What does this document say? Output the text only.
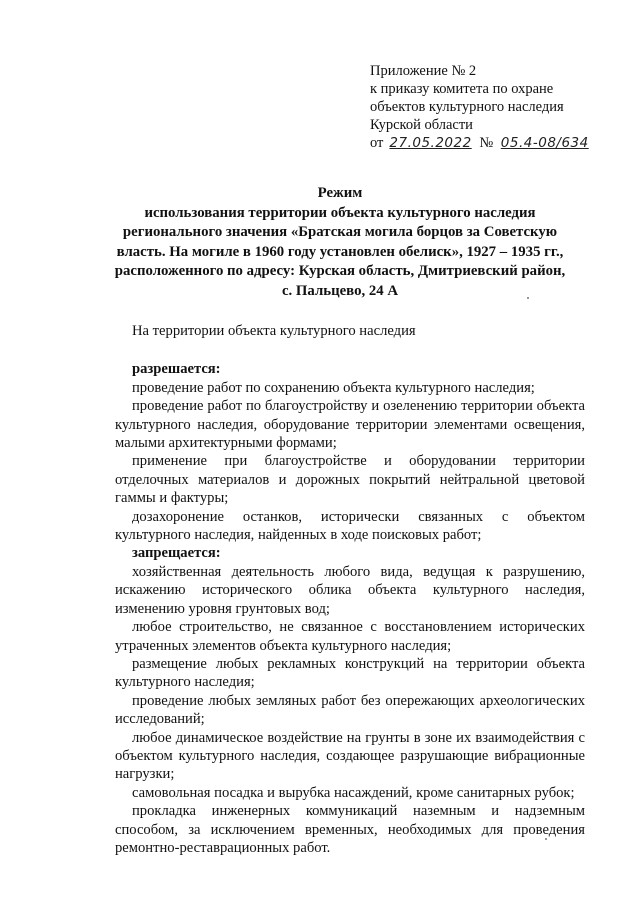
Приложение № 2
к приказу комитета по охране
объектов культурного наследия
Курской области
от 27.05.2022 № 05.4-08/634
Режим
использования территории объекта культурного наследия
регионального значения «Братская могила борцов за Советскую
власть. На могиле в 1960 году установлен обелиск», 1927 – 1935 гг.,
расположенного по адресу: Курская область, Дмитриевский район,
с. Пальцево, 24 А

На территории объекта культурного наследия

разрешается:

проведение работ по сохранению объекта культурного наследия;

проведение работ по благоустройству и озеленению территории объекта культурного наследия, оборудование территории элементами освещения, малыми архитектурными формами;

применение при благоустройстве и оборудовании территории отделочных материалов и дорожных покрытий нейтральной цветовой гаммы и фактуры;

дозахоронение останков, исторически связанных с объектом культурного наследия, найденных в ходе поисковых работ;

запрещается:

хозяйственная деятельность любого вида, ведущая к разрушению, искажению исторического облика объекта культурного наследия, изменению уровня грунтовых вод;

любое строительство, не связанное с восстановлением исторических утраченных элементов объекта культурного наследия;

размещение любых рекламных конструкций на территории объекта культурного наследия;

проведение любых земляных работ без опережающих археологических исследований;

любое динамическое воздействие на грунты в зоне их взаимодействия с объектом культурного наследия, создающее разрушающие вибрационные нагрузки;

самовольная посадка и вырубка насаждений, кроме санитарных рубок;

прокладка инженерных коммуникаций наземным и надземным способом, за исключением временных, необходимых для проведения ремонтно-реставрационных работ.
